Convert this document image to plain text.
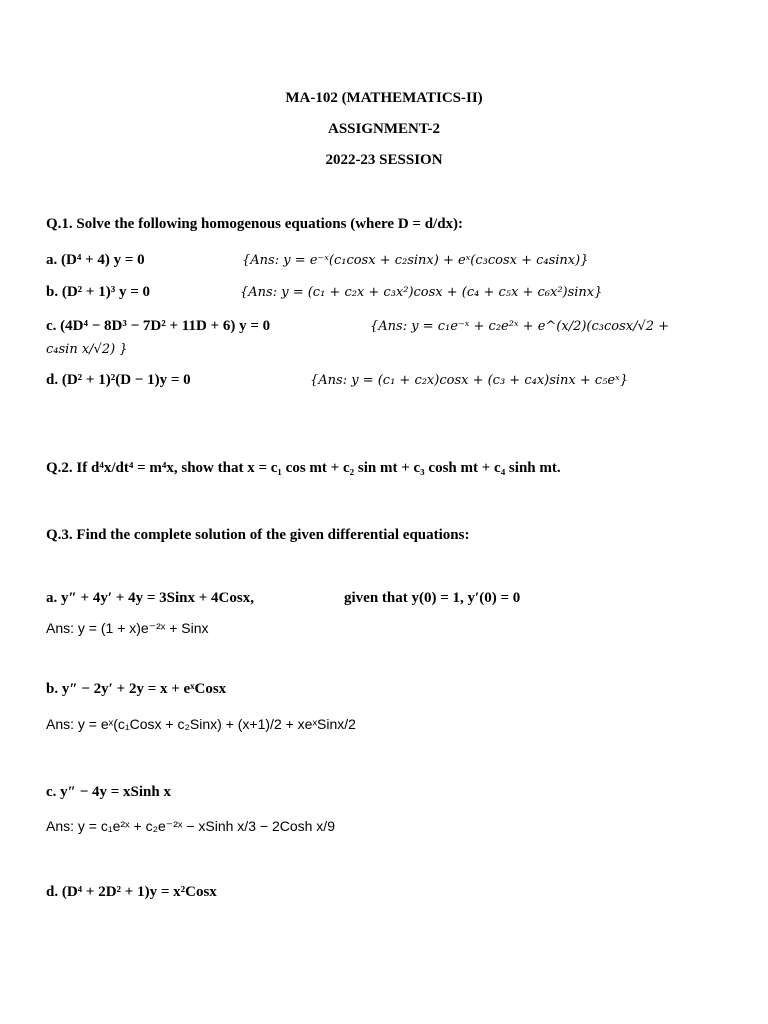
MA-102 (MATHEMATICS-II)
ASSIGNMENT-2
2022-23 SESSION
Q.1. Solve the following homogenous equations (where D = d/dx):
a. (D⁴ + 4) y = 0	{Ans: y = e⁻ˣ(c₁cosx + c₂sinx) + eˣ(c₃cosx + c₄sinx)}
b. (D² + 1)³ y = 0	{Ans: y = (c₁ + c₂x + c₃x²)cosx + (c₄ + c₅x + c₆x²)sinx}
c. (4D⁴ − 8D³ − 7D² + 11D + 6) y = 0	{Ans: y = c₁e⁻ˣ + c₂e²ˣ + e^(x/2)(c₃cosx/√2 +
c₄sin x/√2) }
d. (D² + 1)²(D − 1)y = 0	{Ans: y = (c₁ + c₂x)cosx + (c₃ + c₄x)sinx + c₅eˣ}
Q.2. If d⁴x/dt⁴ = m⁴x, show that x = c₁ cos mt + c₂ sin mt + c₃ cosh mt + c₄ sinh mt.
Q.3. Find the complete solution of the given differential equations:
a. y″ + 4y′ + 4y = 3Sinx + 4Cosx,	given that y(0) = 1, y′(0) = 0
Ans: y = (1 + x)e⁻²ˣ + Sinx
b. y″ − 2y′ + 2y = x + eˣCosx
Ans: y = eˣ(c₁Cosx + c₂Sinx) + (x+1)/2 + xeˣSinx/2
c. y″ − 4y = xSinh x
Ans: y = c₁e²ˣ + c₂e⁻²ˣ − xSinh x/3 − 2Cosh x/9
d. (D⁴ + 2D² + 1)y = x²Cosx
